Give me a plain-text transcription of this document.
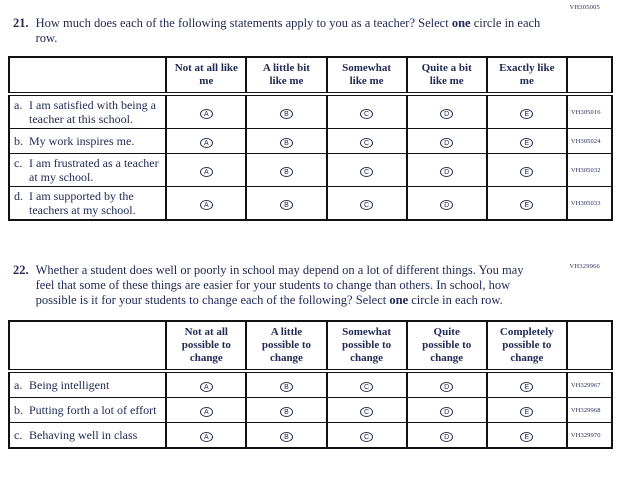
VH305005
21. How much does each of the following statements apply to you as a teacher? Select one circle in each row.

	Not at all like me	A little bit like me	Somewhat like me	Quite a bit like me	Exactly like me	

a. I am satisfied with being a teacher at this school.	A	B	C	D	E	VH305016

b. My work inspires me.	A	B	C	D	E	VH305024

c. I am frustrated as a teacher at my school.	A	B	C	D	E	VH305032

d. I am supported by the teachers at my school.	A	B	C	D	E	VH305033
VH329966
22. Whether a student does well or poorly in school may depend on a lot of different things. You may feel that some of these things are easier for your students to change than others. In school, how possible is it for your students to change each of the following? Select one circle in each row.

	Not at all possible to change	A little possible to change	Somewhat possible to change	Quite possible to change	Completely possible to change	

a. Being intelligent	A	B	C	D	E	VH329967

b. Putting forth a lot of effort	A	B	C	D	E	VH329968

c. Behaving well in class	A	B	C	D	E	VH329970
